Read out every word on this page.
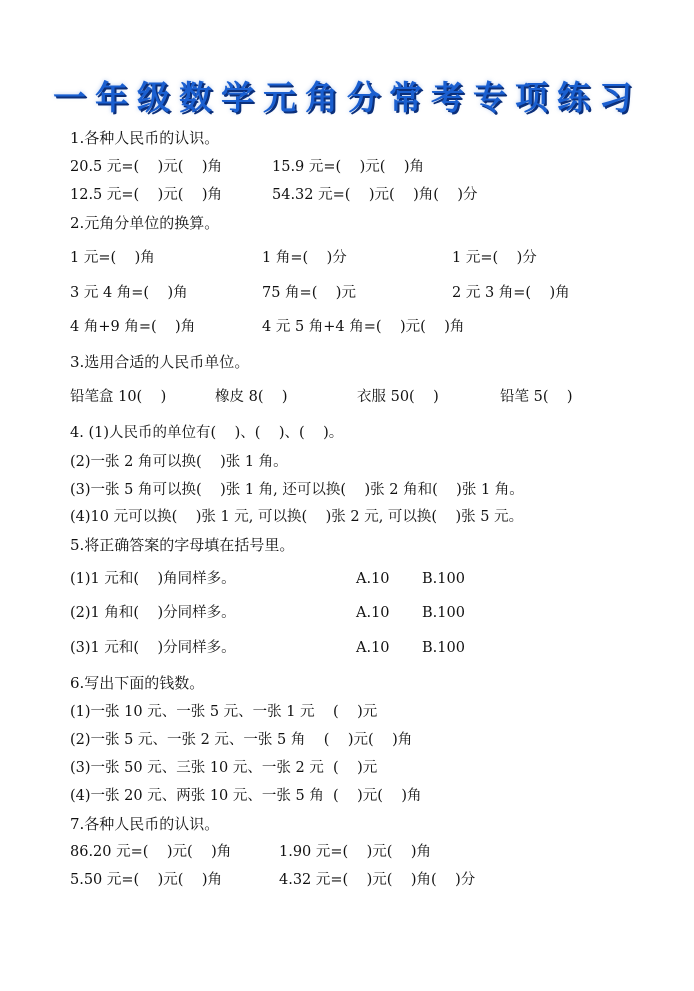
一年级数学元角分常考专项练习
1.各种人民币的认识。
20.5 元=(    )元(    )角	15.9 元=(    )元(    )角
12.5 元=(    )元(    )角	54.32 元=(    )元(    )角(    )分
2.元角分单位的换算。
1 元=(    )角	1 角=(    )分	1 元=(    )分
3 元 4 角=(    )角	75 角=(    )元	2 元 3 角=(    )角
4 角+9 角=(    )角	4 元 5 角+4 角=(    )元(    )角
3.选用合适的人民币单位。
铅笔盒 10(    )	橡皮 8(    )	衣服 50(    )	铅笔 5(    )
4. (1)人民币的单位有(    )、(    )、(    )。
(2)一张 2 角可以换(    )张 1 角。
(3)一张 5 角可以换(    )张 1 角, 还可以换(    )张 2 角和(    )张 1 角。
(4)10 元可以换(    )张 1 元, 可以换(    )张 2 元, 可以换(    )张 5 元。
5.将正确答案的字母填在括号里。
(1)1 元和(    )角同样多。	A.10 B.100
(2)1 角和(    )分同样多。	A.10 B.100
(3)1 元和(    )分同样多。	A.10 B.100
6.写出下面的钱数。
(1)一张 10 元、一张 5 元、一张 1 元    (    )元
(2)一张 5 元、一张 2 元、一张 5 角    (    )元(    )角
(3)一张 50 元、三张 10 元、一张 2 元  (    )元
(4)一张 20 元、两张 10 元、一张 5 角  (    )元(    )角
7.各种人民币的认识。
86.20 元=(    )元(    )角	1.90 元=(    )元(    )角
5.50 元=(    )元(    )角	4.32 元=(    )元(    )角(    )分
